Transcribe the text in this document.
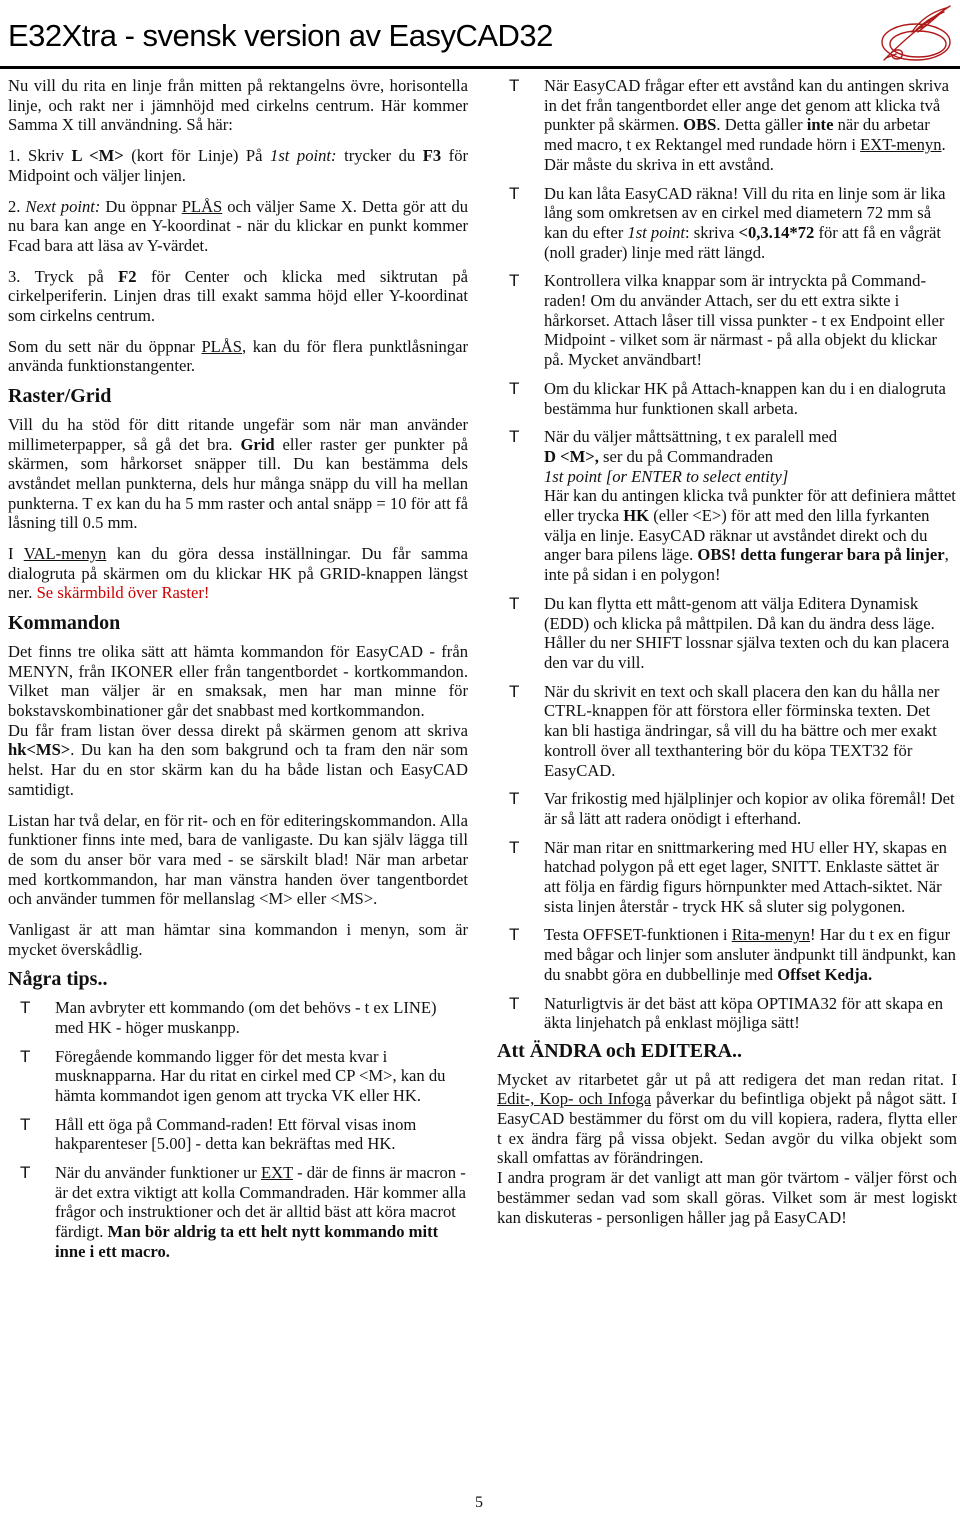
E32Xtra - svensk version av EasyCAD32

Nu vill du rita en linje från mitten på rektangelns övre, horisontella linje, och rakt ner i jämnhöjd med cirkelns centrum. Här kommer Samma X till användning. Så här:

1. Skriv L <M> (kort för Linje) På 1st point: trycker du F3 för Midpoint och väljer linjen.

2. Next point: Du öppnar PLÅS och väljer Same X. Detta gör att du nu bara kan ange en Y-koordinat - när du klickar en punkt kommer Fcad bara att läsa av Y-värdet.

3. Tryck på F2 för Center och klicka med siktrutan på cirkelperiferin. Linjen dras till exakt samma höjd eller Y-koordinat som cirkelns centrum.

Som du sett när du öppnar PLÅS, kan du för flera punktlåsningar använda funktionstangenter.

Raster/Grid

Vill du ha stöd för ditt ritande ungefär som när man använder millimeterpapper, så gå det bra. Grid eller raster ger punkter på skärmen, som hårkorset snäpper till. Du kan bestämma dels avståndet mellan punkterna, dels hur många snäpp du vill ha mellan punkterna. T ex kan du ha 5 mm raster och antal snäpp = 10 för att få låsning till 0.5 mm.

I VAL-menyn kan du göra dessa inställningar. Du får samma dialogruta på skärmen om du klickar HK på GRID-knappen längst ner. Se skärmbild över Raster!

Kommandon

Det finns tre olika sätt att hämta kommandon för EasyCAD - från MENYN, från IKONER eller från tangentbordet - kortkommandon. Vilket man väljer är en smaksak, men har man minne för bokstavskombinationer går det snabbast med kortkommandon.
Du får fram listan över dessa direkt på skärmen genom att skriva hk<MS>. Du kan ha den som bakgrund och ta fram den när som helst. Har du en stor skärm kan du ha både listan och EasyCAD samtidigt.

Listan har två delar, en för rit- och en för editeringskommandon. Alla funktioner finns inte med, bara de vanligaste. Du kan själv lägga till de som du anser bör vara med - se särskilt blad! När man arbetar med kortkommandon, har man vänstra handen över tangentbordet och använder tummen för mellanslag <M> eller <MS>.

Vanligast är att man hämtar sina kommandon i menyn, som är mycket överskådlig.

Några tips..
T Man avbryter ett kommando (om det behövs - t ex LINE) med HK - höger muskanpp.
T Föregående kommando ligger för det mesta kvar i musknapparna. Har du ritat en cirkel med CP <M>, kan du hämta kommandot igen genom att trycka VK eller HK.
T Håll ett öga på Command-raden! Ett förval visas inom hakparenteser [5.00] - detta kan bekräftas med HK.
T När du använder funktioner ur EXT - där de finns är macron - är det extra viktigt att kolla Commandraden. Här kommer alla frågor och instruktioner och det är alltid bäst att köra macrot färdigt. Man bör aldrig ta ett helt nytt kommando mitt inne i ett macro.
T När EasyCAD frågar efter ett avstånd kan du antingen skriva in det från tangentbordet eller ange det genom att klicka två punkter på skärmen. OBS. Detta gäller inte när du arbetar med macro, t ex Rektangel med rundade hörn i EXT-menyn. Där måste du skriva in ett avstånd.
T Du kan låta EasyCAD räkna! Vill du rita en linje som är lika lång som omkretsen av en cirkel med diametern 72 mm så kan du efter 1st point: skriva <0,3.14*72 för att få en vågrät (noll grader) linje med rätt längd.
T Kontrollera vilka knappar som är intryckta på Command-raden! Om du använder Attach, ser du ett extra sikte i hårkorset. Attach låser till vissa punkter - t ex Endpoint eller Midpoint - vilket som är närmast - på alla objekt du klickar på. Mycket användbart!
T Om du klickar HK på Attach-knappen kan du i en dialogruta bestämma hur funktionen skall arbeta.
T När du väljer måttsättning, t ex paralell med
D <M>, ser du på Commandraden
1st point [or ENTER to select entity]
Här kan du antingen klicka två punkter för att definiera måttet eller trycka HK (eller <E>) för att med den lilla fyrkanten välja en linje. EasyCAD räknar ut avståndet direkt och du anger bara pilens läge. OBS! detta fungerar bara på linjer, inte på sidan i en polygon!
T Du kan flytta ett mått-genom att välja Editera Dynamisk (EDD) och klicka på måttpilen. Då kan du ändra dess läge. Håller du ner SHIFT lossnar själva texten och du kan placera den var du vill.
T När du skrivit en text och skall placera den kan du hålla ner CTRL-knappen för att förstora eller förminska texten. Det kan bli hastiga ändringar, så vill du ha bättre och mer exakt kontroll över all texthantering bör du köpa TEXT32 för EasyCAD.
T Var frikostig med hjälplinjer och kopior av olika föremål! Det är så lätt att radera onödigt i efterhand.
T När man ritar en snittmarkering med HU eller HY, skapas en hatchad polygon på ett eget lager, SNITT. Enklaste sättet är att följa en färdig figurs hörnpunkter med Attach-siktet. När sista linjen återstår - tryck HK så sluter sig polygonen.
T Testa OFFSET-funktionen i Rita-menyn! Har du t ex en figur med bågar och linjer som ansluter ändpunkt till ändpunkt, kan du snabbt göra en dubbellinje med Offset Kedja.
T Naturligtvis är det bäst att köpa OPTIMA32 för att skapa en äkta linjehatch på enklast möjliga sätt!
Att ÄNDRA och EDITERA..

Mycket av ritarbetet går ut på att redigera det man redan ritat. I Edit-, Kop- och Infoga påverkar du befintliga objekt på något sätt. I EasyCAD bestämmer du först om du vill kopiera, radera, flytta eller t ex ändra färg på vissa objekt. Sedan avgör du vilka objekt som skall omfattas av förändringen.

I andra program är det vanligt att man gör tvärtom - väljer först och bestämmer sedan vad som skall göras. Vilket som är mest logiskt kan diskuteras - personligen håller jag på EasyCAD!

5
